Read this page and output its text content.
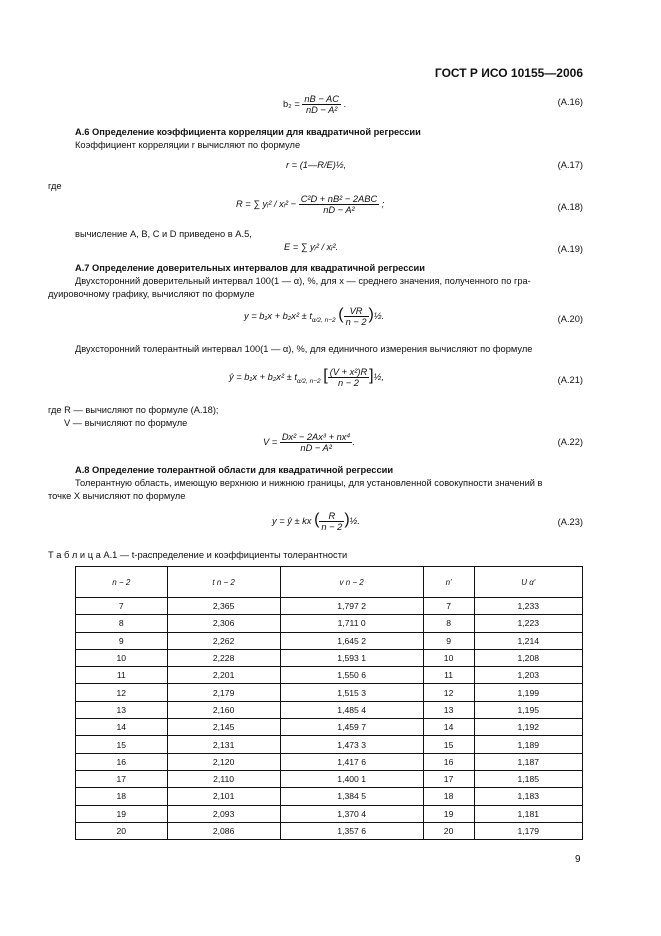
ГОСТ Р ИСО 10155—2006
$b_2 = \frac{nB - AC}{\text{nD − A²}}$ .	(A.16)
А.6 Определение коэффициента корреляции для квадратичной регрессии
Коэффициент корреляции r вычисляют по формуле
r = (1—R/E)½,	(A.17)
где
R = ∑ yᵢ² / xᵢ² − $\frac{\text{C²D + nB² − 2ABC}}{\text{nD − A²}}$ ;	(A.18)
вычисление A, B, C и D приведено в А.5,
E = ∑ yᵢ² / xᵢ².	(A.19)
А.7 Определение доверительных интервалов для квадратичной регрессии
Двухсторонний доверительный интервал 100(1 — α), %, для x — среднего значения, полученного по гра-
дуировочному графику, вычисляют по формуле
$y = b_1x + b_2x^2 \pm t_{\alpha/2, n-2}$ ( $\frac{VR}{n - 2}$ )½.	(A.20)
Двухсторонний толерантный интервал 100(1 — α), %, для единичного измерения вычисляют по формуле
ŷ = $b_1x + b_2x^2 \pm t_{\alpha/2, n-2}$ [ $\frac{\text{(V + x²)R}}{n - 2}$ ]½,	(A.21)
где R — вычисляют по формуле (А.18);
V — вычисляют по формуле
$V = \frac{\text{Dx² − 2Ax³ + nx⁴}}{\text{nD − A²}}$ .	(A.22)
А.8 Определение толерантной области для квадратичной регрессии
Толерантную область, имеющую верхнюю и нижнюю границы, для установленной совокупности значений в
точке X вычисляют по формуле
y = ŷ ± kx ( $\frac{R}{n - 2}$ )½.	(A.23)
Т а б л и ц а А.1 — t-распределение и коэффициенты толерантности
n − 2	t n − 2	v n − 2	n'	U α'
7	2,365	1,797 2	7	1,233
8	2,306	1,711 0	8	1,223
9	2,262	1,645 2	9	1,214
10	2,228	1,593 1	10	1,208
11	2,201	1,550 6	11	1,203
12	2,179	1,515 3	12	1,199
13	2,160	1,485 4	13	1,195
14	2,145	1,459 7	14	1,192
15	2,131	1,473 3	15	1,189
16	2,120	1,417 6	16	1,187
17	2,110	1,400 1	17	1,185
18	2,101	1,384 5	18	1,183
19	2,093	1,370 4	19	1,181
20	2,086	1,357 6	20	1,179
9
